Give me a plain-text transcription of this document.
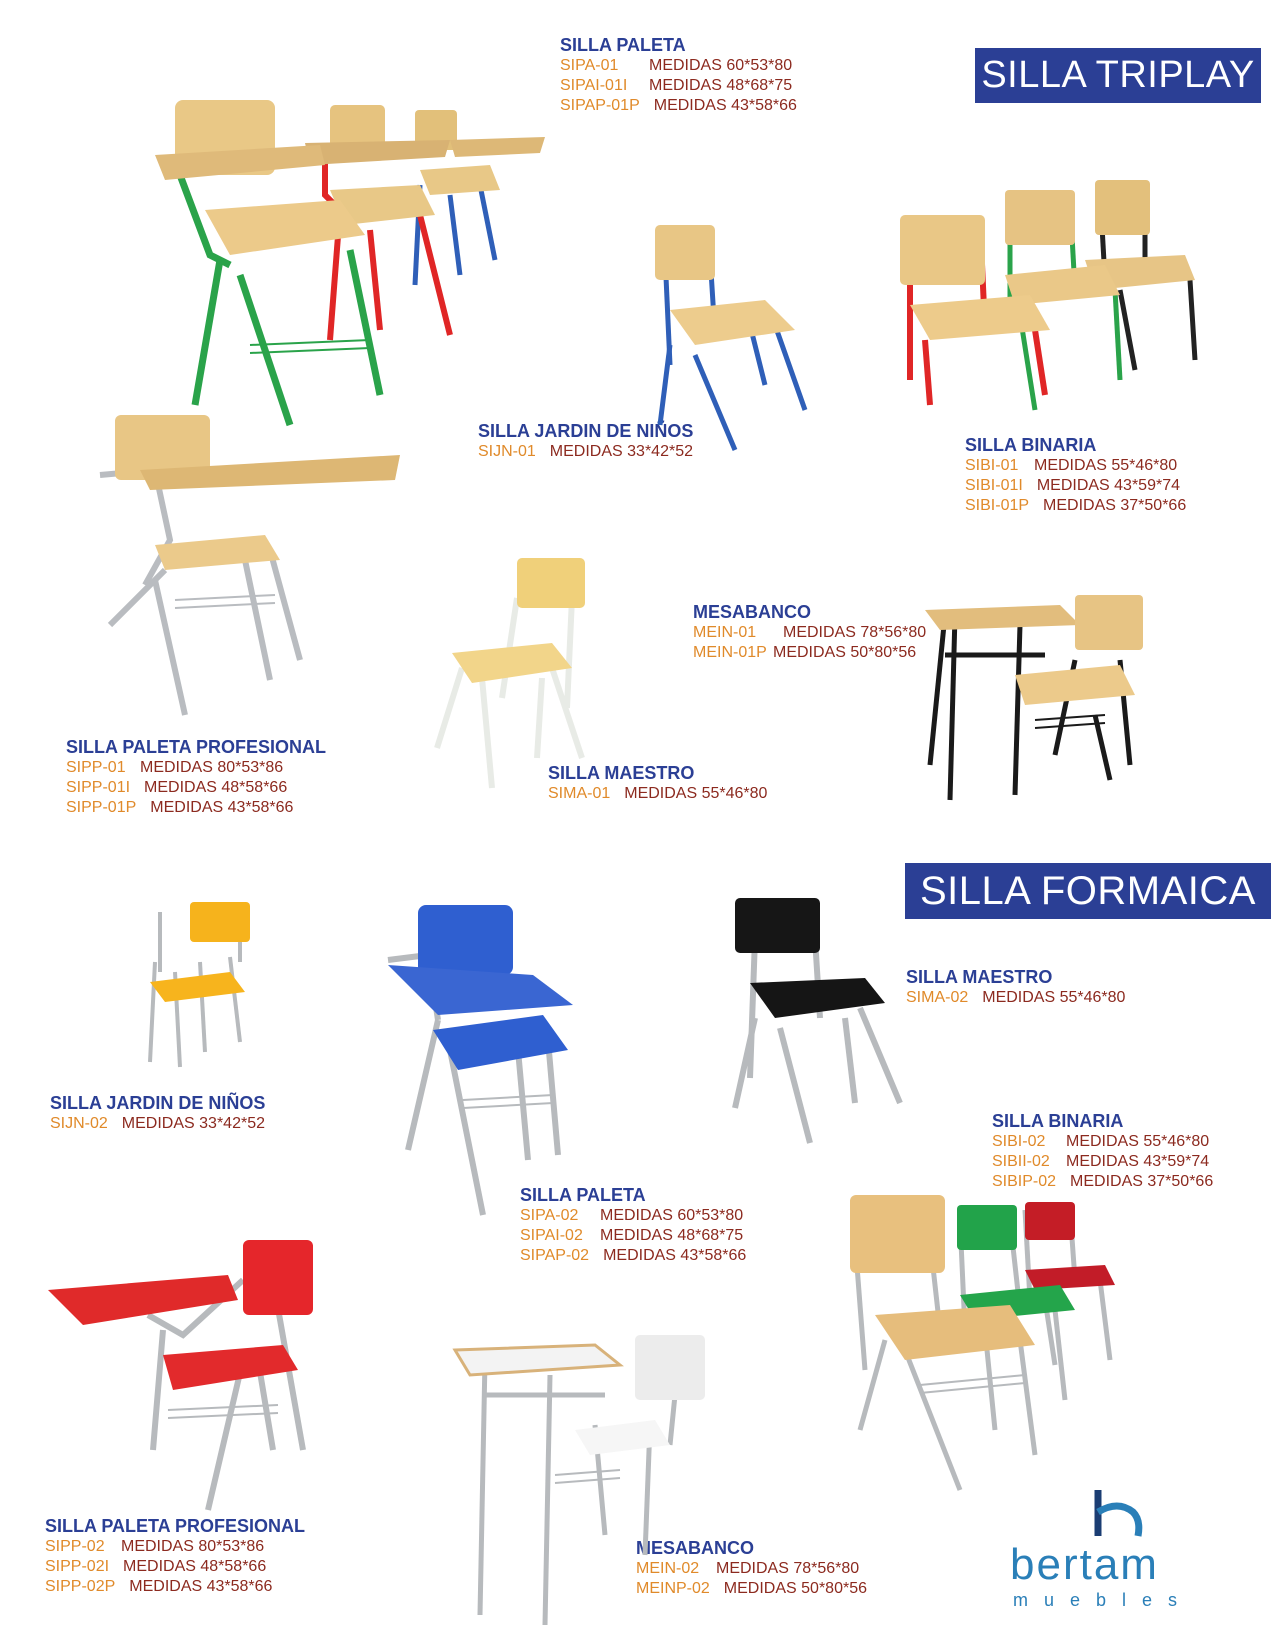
SILLA TRIPLAY
SILLA FORMAICA
SILLA PALETA
SIPA-01 MEDIDAS 60*53*80
SIPAI-01I MEDIDAS 48*68*75
SIPAP-01P MEDIDAS 43*58*66
SILLA JARDIN DE NIÑOS
SIJN-01 MEDIDAS 33*42*52	SILLA BINARIA
SIBI-01 MEDIDAS 55*46*80
SIBI-01I MEDIDAS 43*59*74
SIBI-01P MEDIDAS 37*50*66
MESABANCO
MEIN-01 MEDIDAS 78*56*80
MEIN-01P MEDIDAS 50*80*56
SILLA PALETA PROFESIONAL
SIPP-01 MEDIDAS 80*53*86
SIPP-01I MEDIDAS 48*58*66
SIPP-01P MEDIDAS 43*58*66
SILLA MAESTRO
SIMA-01 MEDIDAS 55*46*80
SILLA MAESTRO
SIMA-02 MEDIDAS 55*46*80
SILLA JARDIN DE NIÑOS
SIJN-02 MEDIDAS 33*42*52	SILLA BINARIA
SIBI-02 MEDIDAS 55*46*80
SIBII-02 MEDIDAS 43*59*74
SIBIP-02 MEDIDAS 37*50*66
SILLA PALETA
SIPA-02 MEDIDAS 60*53*80
SIPAI-02 MEDIDAS 48*68*75
SIPAP-02 MEDIDAS 43*58*66
SILLA PALETA PROFESIONAL
SIPP-02 MEDIDAS 80*53*86
SIPP-02I MEDIDAS 48*58*66
SIPP-02P MEDIDAS 43*58*66
MESABANCO
MEIN-02 MEDIDAS 78*56*80
MEINP-02 MEDIDAS 50*80*56	bertam
muebles
